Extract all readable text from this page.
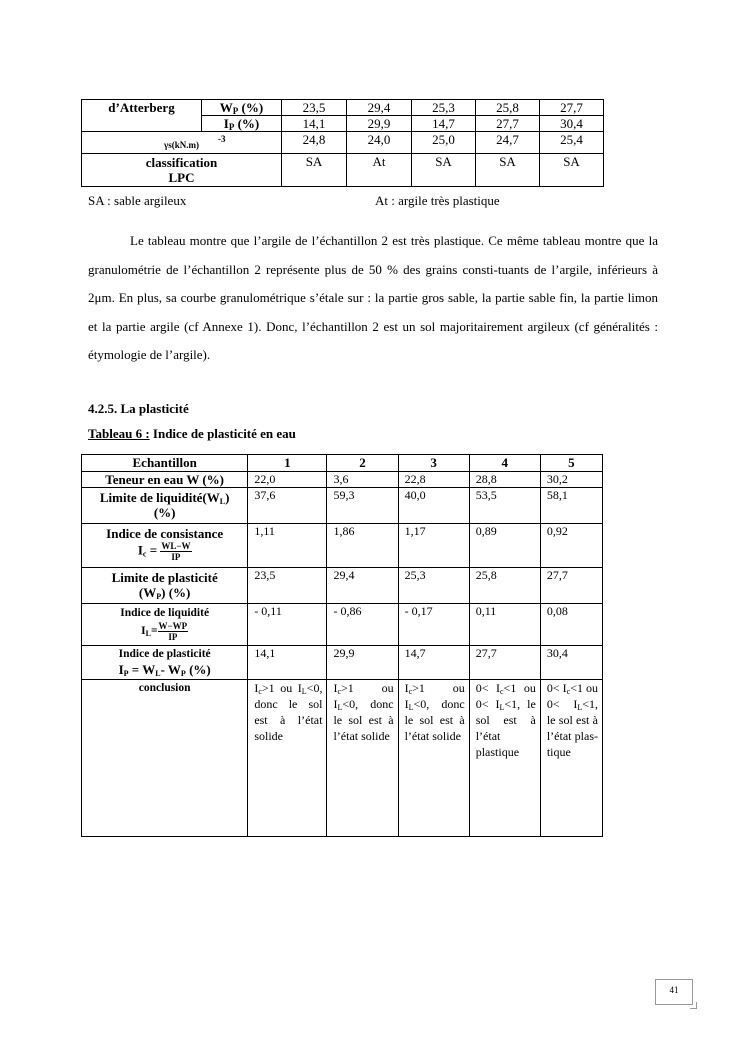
d’Atterberg	$W_P$ (%)	23,5	29,4	25,3	25,8	27,7
	$I_P$ (%)	14,1	29,9	14,7	27,7	30,4
γs(kN.m
-3
)		24,8	24,0	25,0	24,7	25,4
classification LPC		SA	At	SA	SA	SA
SA : sable argileux	At : argile très plastique

Le tableau montre que l’argile de l’échantillon 2 est très plastique. Ce même tableau montre que la granulométrie de l’échantillon 2 représente plus de 50 % des grains consti-tuants de l’argile, inférieurs à 2μm. En plus, sa courbe granulométrique s’étale sur : la partie gros sable, la partie sable fin, la partie limon et la partie argile (cf Annexe 1). Donc, l’échantillon 2 est un sol majoritairement argileux (cf généralités : étymologie de l’argile).

4.2.5. La plasticité
Tableau 6 : Indice de plasticité en eau
Echantillon	1	2	3	4	5
Teneur en eau W (%)	22,0	3,6	22,8	28,8	30,2
Limite de $liquidité(W_L)$
(%)	37,6	59,3	40,0	53,5	58,1
Indice de consistance
$I_c = \frac{WL-W}{IP}$	1,11	1,86	1,17	0,89	0,92
Limite de plasticité
$(W_P)$ (%)	23,5	29,4	25,3	25,8	27,7
Indice de liquidité
$I_L= \frac{W-WP}{IP}$	- 0,11	- 0,86	- 0,17	0,11	0,08
Indice de plasticité
$I_P = W_L-$ $W_P$ (%)	14,1	29,9	14,7	27,7	30,4
conclusion	$I_c>1$ ou $I_L<0$, donc le sol est à l’état solide	$I_c>1$ ou $I_L<0$, donc le sol est à l’état solide	$I_c>1$ ou $I_L<0$, donc le sol est à l’état solide	$0< I_c<1$ ou $0< I_L<1$, le sol est à l’état plastique	$0< I_c<1$ ou $0< I_L<1$, le sol est à l’état plas-tique
41
